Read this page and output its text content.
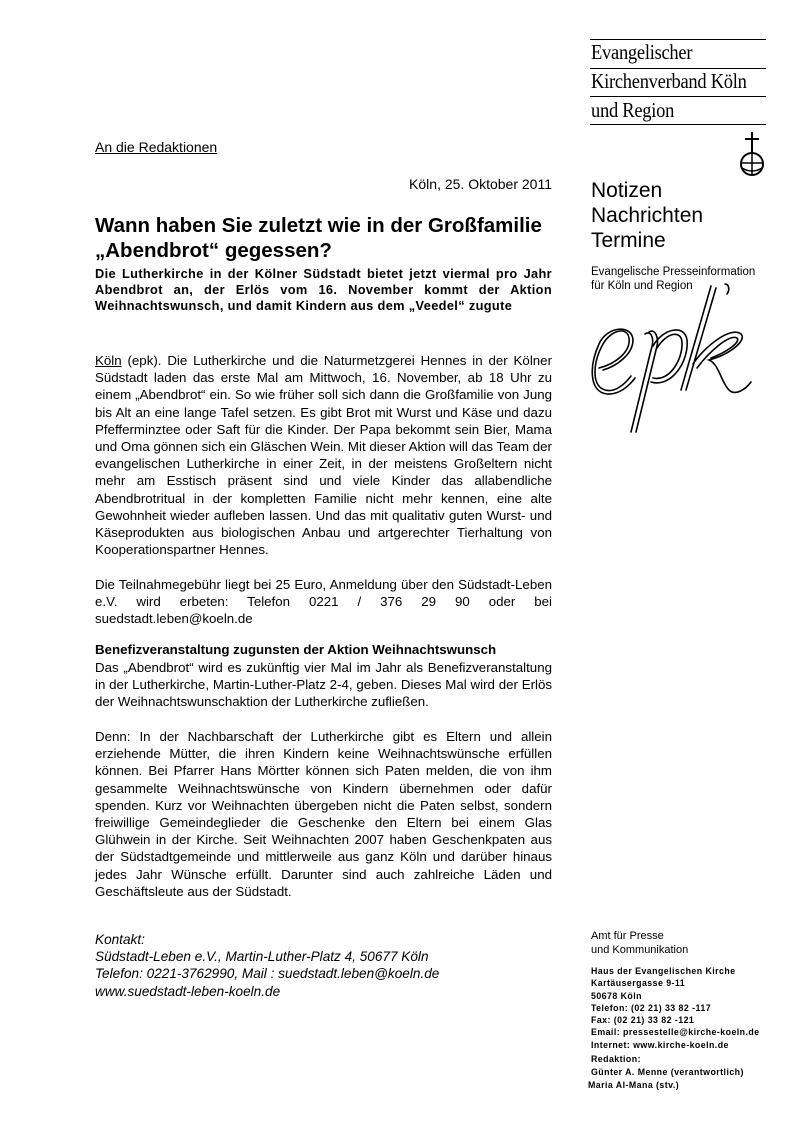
Evangelischer
Kirchenverband Köln
und Region
Notizen
Nachrichten
Termine
Evangelische Presseinformation
für Köln und Region
An die Redaktionen
Köln, 25. Oktober 2011
Wann haben Sie zuletzt wie in der Großfamilie „Abendbrot“ gegessen?
Die Lutherkirche in der Kölner Südstadt bietet jetzt viermal pro Jahr Abendbrot an, der Erlös vom 16. November kommt der Aktion Weihnachtswunsch, und damit Kindern aus dem „Veedel“ zugute

Köln (epk). Die Lutherkirche und die Naturmetzgerei Hennes in der Kölner Südstadt laden das erste Mal am Mittwoch, 16. November, ab 18 Uhr zu einem „Abendbrot“ ein. So wie früher soll sich dann die Großfamilie von Jung bis Alt an eine lange Tafel setzen. Es gibt Brot mit Wurst und Käse und dazu Pfefferminztee oder Saft für die Kinder. Der Papa bekommt sein Bier, Mama und Oma gönnen sich ein Gläschen Wein. Mit dieser Aktion will das Team der evangelischen Lutherkirche in einer Zeit, in der meistens Großeltern nicht mehr am Esstisch präsent sind und viele Kinder das allabendliche Abendbrotritual in der kompletten Familie nicht mehr kennen, eine alte Gewohnheit wieder aufleben lassen. Und das mit qualitativ guten Wurst- und Käseprodukten aus biologischen Anbau und artgerechter Tierhaltung von Kooperationspartner Hennes.

Die Teilnahmegebühr liegt bei 25 Euro, Anmeldung über den Südstadt-Leben e.V. wird erbeten: Telefon 0221 / 376 29 90 oder bei suedstadt.leben@koeln.de

Benefizveranstaltung zugunsten der Aktion Weihnachtswunsch

Das „Abendbrot“ wird es zukünftig vier Mal im Jahr als Benefizveranstaltung in der Lutherkirche, Martin-Luther-Platz 2-4, geben. Dieses Mal wird der Erlös der Weihnachtswunschaktion der Lutherkirche zufließen.

Denn: In der Nachbarschaft der Lutherkirche gibt es Eltern und allein erziehende Mütter, die ihren Kindern keine Weihnachtswünsche erfüllen können. Bei Pfarrer Hans Mörtter können sich Paten melden, die von ihm gesammelte Weihnachtswünsche von Kindern übernehmen oder dafür spenden. Kurz vor Weihnachten übergeben nicht die Paten selbst, sondern freiwillige Gemeindeglieder die Geschenke den Eltern bei einem Glas Glühwein in der Kirche. Seit Weihnachten 2007 haben Geschenkpaten aus der Südstadtgemeinde und mittlerweile aus ganz Köln und darüber hinaus jedes Jahr Wünsche erfüllt. Darunter sind auch zahlreiche Läden und Geschäftsleute aus der Südstadt.

Kontakt:
Südstadt-Leben e.V., Martin-Luther-Platz 4, 50677 Köln
Telefon: 0221-3762990, Mail : suedstadt.leben@koeln.de
www.suedstadt-leben-koeln.de
Amt für Presse
und Kommunikation
Haus der Evangelischen Kirche
Kartäusergasse 9-11
50678 Köln
Telefon: (02 21) 33 82 -117
Fax: (02 21) 33 82 -121
Email: pressestelle@kirche-koeln.de
Internet: www.kirche-koeln.de
Redaktion:
Günter A. Menne (verantwortlich)
Maria Al-Mana (stv.)
